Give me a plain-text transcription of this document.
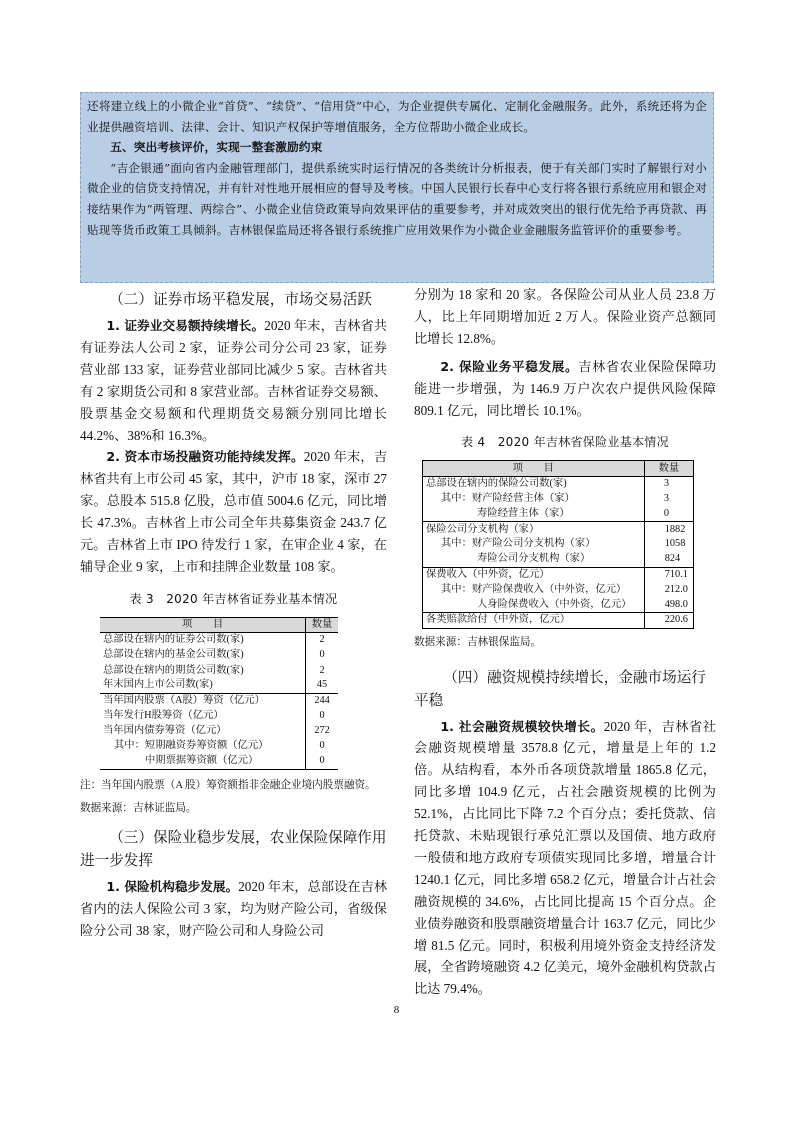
还将建立线上的小微企业“首贷”、“续贷”、“信用贷”中心，为企业提供专属化、定制化金融服务。此外，系统还将为企业提供融资培训、法律、会计、知识产权保护等增值服务，全方位帮助小微企业成长。

五、突出考核评价，实现一整套激励约束

“吉企银通”面向省内金融管理部门，提供系统实时运行情况的各类统计分析报表，便于有关部门实时了解银行对小微企业的信贷支持情况，并有针对性地开展相应的督导及考核。中国人民银行长春中心支行将各银行系统应用和银企对接结果作为“两管理、两综合”、小微企业信贷政策导向效果评估的重要参考，并对成效突出的银行优先给予再贷款、再贴现等货币政策工具倾斜。吉林银保监局还将各银行系统推广应用效果作为小微企业金融服务监管评价的重要参考。

（二）证券市场平稳发展，市场交易活跃

1. 证券业交易额持续增长。2020 年末，吉林省共有证券法人公司 2 家，证券公司分公司 23 家，证券营业部 133 家，证券营业部同比减少 5 家。吉林省共有 2 家期货公司和 8 家营业部。吉林省证券交易额、股票基金交易额和代理期货交易额分别同比增长 44.2%、38%和 16.3%。

2. 资本市场投融资功能持续发挥。2020 年末，吉林省共有上市公司 45 家，其中，沪市 18 家，深市 27 家。总股本 515.8 亿股，总市值 5004.6 亿元，同比增长 47.3%。吉林省上市公司全年共募集资金 243.7 亿元。吉林省上市 IPO 待发行 1 家，在审企业 4 家，在辅导企业 9 家，上市和挂牌企业数量 108 家。

表 3　2020 年吉林省证券业基本情况
项　　目	数量
总部设在辖内的证券公司数(家)	2
总部设在辖内的基金公司数(家)	0
总部设在辖内的期货公司数(家)	2
年末国内上市公司数(家)	45
当年国内股票（A股）筹资（亿元）	244
当年发行H股筹资（亿元）	0
当年国内债券筹资（亿元）	272
其中：短期融资券筹资额（亿元）	0
中期票据筹资额（亿元）	0

注：当年国内股票（A 股）筹资额指非金融企业境内股票融资。

数据来源：吉林证监局。

（三）保险业稳步发展，农业保险保障作用进一步发挥

1. 保险机构稳步发展。2020 年末，总部设在吉林省内的法人保险公司 3 家，均为财产险公司，省级保险分公司 38 家，财产险公司和人身险公司

分别为 18 家和 20 家。各保险公司从业人员 23.8 万人，比上年同期增加近 2 万人。保险业资产总额同比增长 12.8%。

2. 保险业务平稳发展。吉林省农业保险保障功能进一步增强，为 146.9 万户次农户提供风险保障 809.1 亿元，同比增长 10.1%。

表 4　2020 年吉林省保险业基本情况
项　　目	数量
总部设在辖内的保险公司数(家)	3
其中：财产险经营主体（家）	3
寿险经营主体（家）	0
保险公司分支机构（家）	1882
其中：财产险公司分支机构（家）	1058
寿险公司分支机构（家）	824
保费收入（中外资，亿元）	710.1
其中：财产险保费收入（中外资，亿元）	212.0
人身险保费收入（中外资，亿元）	498.0
各类赔款给付（中外资，亿元）	220.6

数据来源：吉林银保监局。

（四）融资规模持续增长，金融市场运行平稳

1. 社会融资规模较快增长。2020 年，吉林省社会融资规模增量 3578.8 亿元，增量是上年的 1.2 倍。从结构看，本外币各项贷款增量 1865.8 亿元，同比多增 104.9 亿元，占社会融资规模的比例为 52.1%，占比同比下降 7.2 个百分点；委托贷款、信托贷款、未贴现银行承兑汇票以及国债、地方政府一般债和地方政府专项债实现同比多增，增量合计 1240.1 亿元，同比多增 658.2 亿元，增量合计占社会融资规模的 34.6%，占比同比提高 15 个百分点。企业债券融资和股票融资增量合计 163.7 亿元，同比少增 81.5 亿元。同时，积极利用境外资金支持经济发展，全省跨境融资 4.2 亿美元，境外金融机构贷款占比达 79.4%。

8
